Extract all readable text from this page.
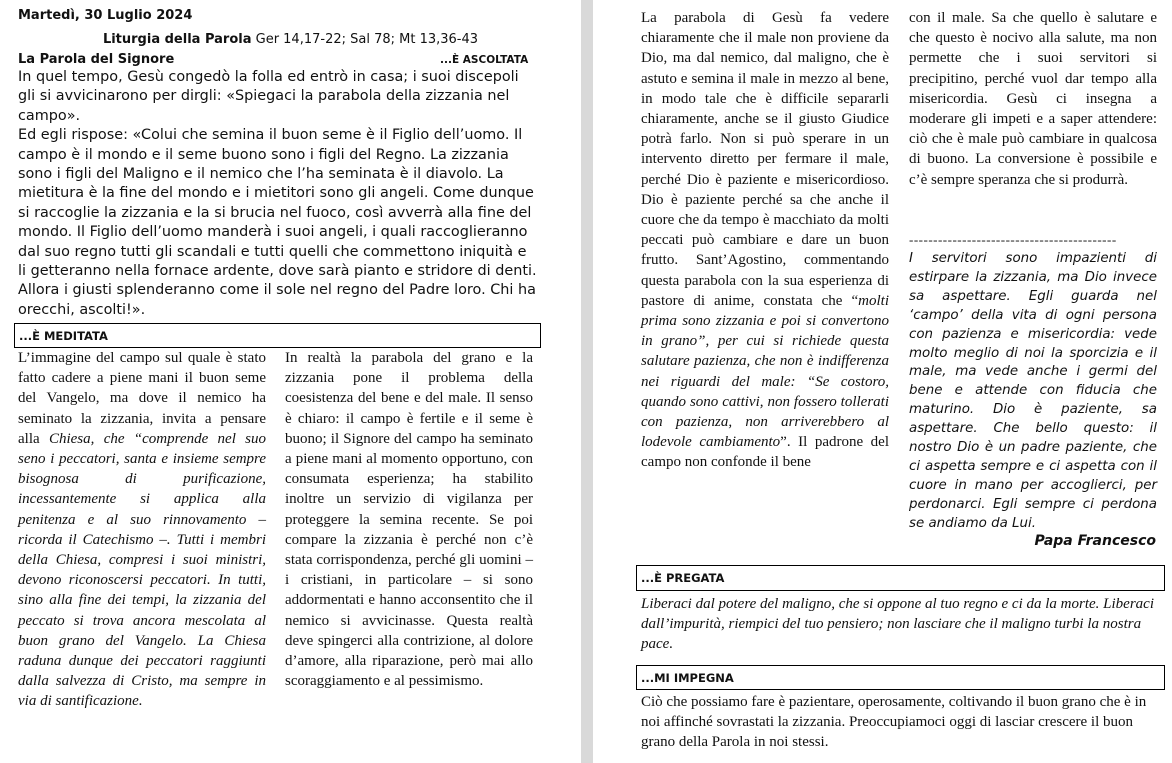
Martedì, 30 Luglio 2024
Liturgia della Parola Ger 14,17-22; Sal 78; Mt 13,36-43
La Parola del Signore	...È ASCOLTATA

In quel tempo, Gesù congedò la folla ed entrò in casa; i suoi discepoli gli si avvicinarono per dirgli: «Spiegaci la parabola della zizzania nel campo».

Ed egli rispose: «Colui che semina il buon seme è il Figlio dell’uomo. Il campo è il mondo e il seme buono sono i figli del Regno. La zizzania sono i figli del Maligno e il nemico che l’ha seminata è il diavolo. La mietitura è la fine del mondo e i mietitori sono gli angeli. Come dunque si raccoglie la zizzania e la si brucia nel fuoco, così avverrà alla fine del mondo. Il Figlio dell’uomo manderà i suoi angeli, i quali raccoglieranno dal suo regno tutti gli scandali e tutti quelli che commettono iniquità e li getteranno nella fornace ardente, dove sarà pianto e stridore di denti. Allora i giusti splenderanno come il sole nel regno del Padre loro. Chi ha orecchi, ascolti!».

...È MEDITATA

L’immagine del campo sul quale è stato fatto cadere a piene mani il buon seme del Vangelo, ma dove il nemico ha seminato la zizzania, invita a pensare alla Chiesa, che “comprende nel suo seno i peccatori, santa e insieme sempre bisognosa di purificazione, incessantemente si applica alla penitenza e al suo rinnovamento – ricorda il Catechismo –. Tutti i membri della Chiesa, compresi i suoi ministri, devono riconoscersi peccatori. In tutti, sino alla fine dei tempi, la zizzania del peccato si trova ancora mescolata al buon grano del Vangelo. La Chiesa raduna dunque dei peccatori raggiunti dalla salvezza di Cristo, ma sempre in via di santificazione.

In realtà la parabola del grano e la zizzania pone il problema della coesistenza del bene e del male. Il senso è chiaro: il campo è fertile e il seme è buono; il Signore del campo ha seminato a piene mani al momento opportuno, con consumata esperienza; ha stabilito inoltre un servizio di vigilanza per proteggere la semina recente. Se poi compare la zizzania è perché non c’è stata corrispondenza, perché gli uomini – i cristiani, in particolare – si sono addormentati e hanno acconsentito che il nemico si avvicinasse. Questa realtà deve spingerci alla contrizione, al dolore d’amore, alla riparazione, però mai allo scoraggiamento e al pessimismo.

La parabola di Gesù fa vedere chiaramente che il male non proviene da Dio, ma dal nemico, dal maligno, che è astuto e semina il male in mezzo al bene, in modo tale che è difficile separarli chiaramente, anche se il giusto Giudice potrà farlo. Non si può sperare in un intervento diretto per fermare il male, perché Dio è paziente e misericordioso. Dio è paziente perché sa che anche il cuore che da tempo è macchiato da molti peccati può cambiare e dare un buon frutto. Sant’Agostino, commentando questa parabola con la sua esperienza di pastore di anime, constata che “molti prima sono zizzania e poi si convertono in grano”, per cui si richiede questa salutare pazienza, che non è indifferenza nei riguardi del male: “Se costoro, quando sono cattivi, non fossero tollerati con pazienza, non arriverebbero al lodevole cambiamento”. Il padrone del campo non confonde il bene

con il male. Sa che quello è salutare e che questo è nocivo alla salute, ma non permette che i suoi servitori si precipitino, perché vuol dar tempo alla misericordia. Gesù ci insegna a moderare gli impeti e a saper attendere: ciò che è male può cambiare in qualcosa di buono. La conversione è possibile e c’è sempre speranza che si produrrà.

-------------------------------------------

I servitori sono impazienti di estirpare la zizzania, ma Dio invece sa aspettare. Egli guarda nel ‘campo’ della vita di ogni persona con pazienza e misericordia: vede molto meglio di noi la sporcizia e il male, ma vede anche i germi del bene e attende con fiducia che maturino. Dio è paziente, sa aspettare. Che bello questo: il nostro Dio è un padre paziente, che ci aspetta sempre e ci aspetta con il cuore in mano per accoglierci, per perdonarci. Egli sempre ci perdona se andiamo da Lui.

Papa Francesco
...È PREGATA

Liberaci dal potere del maligno, che si oppone al tuo regno e ci da la morte. Liberaci dall’impurità, riempici del tuo pensiero; non lasciare che il maligno turbi la nostra pace.

...MI IMPEGNA

Ciò che possiamo fare è pazientare, operosamente, coltivando il buon grano che è in noi affinché sovrastati la zizzania. Preoccupiamoci oggi di lasciar crescere il buon grano della Parola in noi stessi.
